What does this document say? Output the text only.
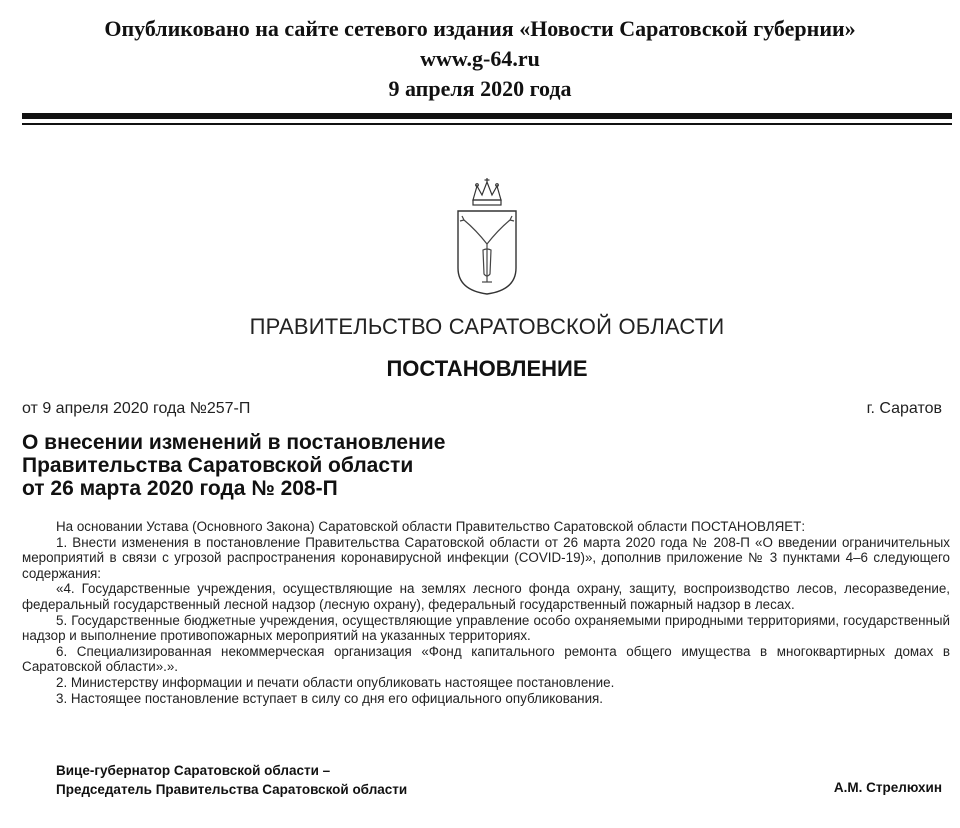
Опубликовано на сайте сетевого издания «Новости Саратовской губернии»
www.g-64.ru
9 апреля 2020 года
ПРАВИТЕЛЬСТВО САРАТОВСКОЙ ОБЛАСТИ
ПОСТАНОВЛЕНИЕ
от 9 апреля 2020 года №257-П	г. Саратов
О внесении изменений в постановление
Правительства Саратовской области
от 26 марта 2020 года № 208-П

На основании Устава (Основного Закона) Саратовской области Правительство Саратовской области ПОСТАНОВЛЯЕТ:

1. Внести изменения в постановление Правительства Саратовской области от 26 марта 2020 года № 208-П «О введении ограничительных мероприятий в связи с угрозой распространения коронавирусной инфекции (COVID-19)», дополнив приложение № 3 пунктами 4–6 следующего содержания:

«4. Государственные учреждения, осуществляющие на землях лесного фонда охрану, защиту, воспроизводство лесов, лесоразведение, федеральный государственный лесной надзор (лесную охрану), федеральный государственный пожарный надзор в лесах.

5. Государственные бюджетные учреждения, осуществляющие управление особо охраняемыми природными территориями, государственный надзор и выполнение противопожарных мероприятий на указанных территориях.

6. Специализированная некоммерческая организация «Фонд капитального ремонта общего имущества в многоквартирных домах в Саратовской области».».

2. Министерству информации и печати области опубликовать настоящее постановление.

3. Настоящее постановление вступает в силу со дня его официального опубликования.

Вице-губернатор Саратовской области –
Председатель Правительства Саратовской области	А.М. Стрелюхин
